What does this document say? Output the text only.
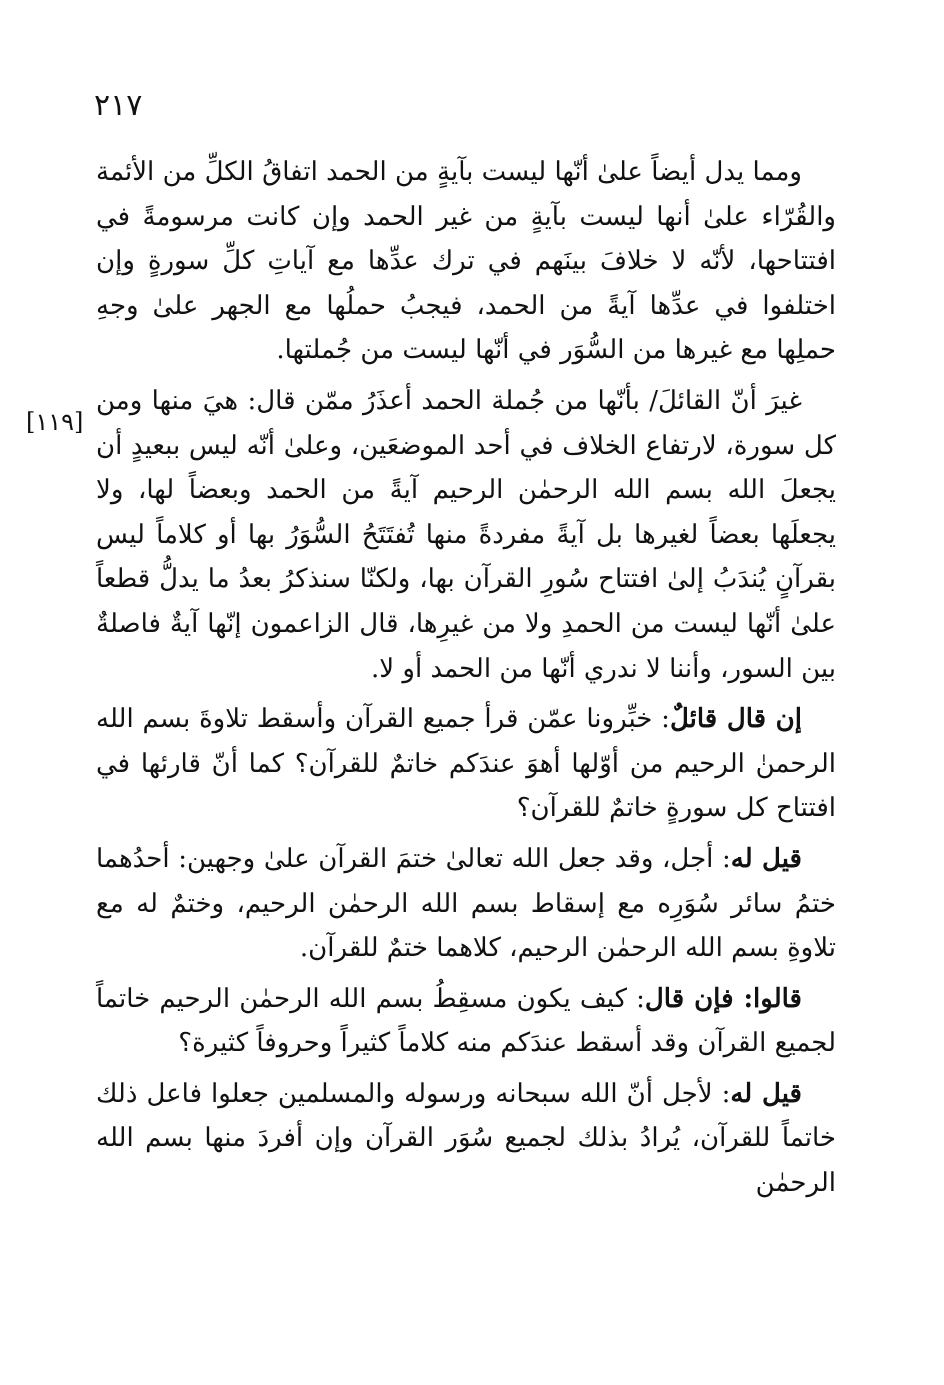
٢١٧

[١١٩]

ومما يدل أيضاً علىٰ أنّها ليست بآيةٍ من الحمد اتفاقُ الكلِّ من الأئمة والقُرّاء علىٰ أنها ليست بآيةٍ من غير الحمد وإن كانت مرسومةً في افتتاحها، لأنّه لا خلافَ بينَهم في ترك عدِّها مع آياتِ كلِّ سورةٍ وإن اختلفوا في عدِّها آيةً من الحمد، فيجبُ حملُها مع الجهر علىٰ وجهِ حملِها مع غيرها من السُّوَر في أنّها ليست من جُملتها.

غيرَ أنّ القائلَ/ بأنّها من جُملة الحمد أعذَرُ ممّن قال: هيَ منها ومن كل سورة، لارتفاع الخلاف في أحد الموضعَين، وعلىٰ أنّه ليس ببعيدٍ أن يجعلَ الله بسم الله الرحمٰن الرحيم آيةً من الحمد وبعضاً لها، ولا يجعلَها بعضاً لغيرها بل آيةً مفردةً منها تُفتَتَحُ السُّوَرُ بها أو كلاماً ليس بقرآنٍ يُندَبُ إلىٰ افتتاح سُورِ القرآن بها، ولكنّا سنذكرُ بعدُ ما يدلُّ قطعاً علىٰ أنّها ليست من الحمدِ ولا من غيرِها، قال الزاعمون إنّها آيةٌ فاصلةٌ بين السور، وأننا لا ندري أنّها من الحمد أو لا.

إن قال قائلٌ: خبِّرونا عمّن قرأ جميع القرآن وأسقط تلاوةَ بسم الله الرحمنٰ الرحيم من أوّلها أهوَ عندَكم خاتمٌ للقرآن؟ كما أنّ قارئها في افتتاح كل سورةٍ خاتمٌ للقرآن؟

قيل له: أجل، وقد جعل الله تعالىٰ ختمَ القرآن علىٰ وجهين: أحدُهما ختمُ سائر سُوَرِه مع إسقاط بسم الله الرحمٰن الرحيم، وختمٌ له مع تلاوةِ بسم الله الرحمٰن الرحيم، كلاهما ختمٌ للقرآن.

قالوا: فإن قال: كيف يكون مسقِطُ بسم الله الرحمٰن الرحيم خاتماً لجميع القرآن وقد أسقط عندَكم منه كلاماً كثيراً وحروفاً كثيرة؟

قيل له: لأجل أنّ الله سبحانه ورسوله والمسلمين جعلوا فاعل ذلك خاتماً للقرآن، يُرادُ بذلك لجميع سُوَر القرآن وإن أفردَ منها بسم الله الرحمٰن
